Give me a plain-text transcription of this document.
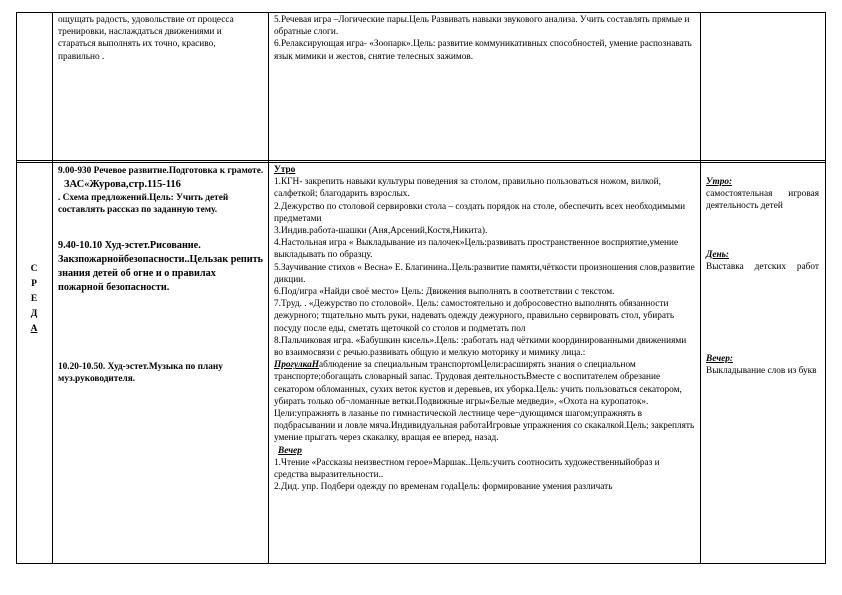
ощущать радость, удовольствие от процесса тренировки, наслаждаться движениями и стараться выполнять их точно, красиво, правильно .

5.Речевая игра –Логические пары.Цель Развивать навыки звукового анализа. Учить составлять прямые и обратные слоги.

6.Релаксирующая игра- «Зоопарк».Цель: развитие коммуникативных способностей, умение распознавать язык мимики и жестов, снятие телесных зажимов.

С
Р
Е
Д
А

9.00-930 Речевое развитие.Подготовка к грамоте.

ЗАС«Журова,стр.115-116

. Схема предложений.Цель: Учить детей составлять рассказ по заданную тему.

9.40-10.10 Худ-эстет.Рисование. Закзпожарнойбезопасности..Цельзак репить знания детей об огне и о правилах пожарной безопасности.

10.20-10.50. Худ-эстет.Музыка по плану муз.руководителя.

Утро

1.КГН- закрепить навыки культуры поведения за столом, правильно пользоваться ножом, вилкой, салфеткой; благодарить взрослых.

2.Дежурство по столовой сервировки стола – создать порядок на столе, обеспечить всех необходимыми предметами

3.Индив.работа-шашки (Аня,Арсений,Костя,Никита).

4.Настольная игра « Выкладывание из палочек»Цель:развивать пространственное восприятие,умение выкладывать по образцу.

5.Заучивание стихов « Весна» Е. Благинина..Цель:развитие памяти,чёткости произношения слов,развитие дикции.

6.Под/игра «Найди своё место» Цель: Движения выполнять в соответствии с текстом.

7.Труд. . «Дежурство по столовой». Цель: самостоятельно и добросовестно выполнять обязанности дежурного; тщательно мыть руки, надевать одежду дежурного, правильно сервировать стол, убирать посуду после еды, сметать щеточкой со столов и подметать пол

8.Пальчиковая игра. «Бабушкин кисель».Цель: :работать над чёткими координированными движениями во взаимосвязи с речью.развивать общую и мелкую моторику и мимику лица.:

ПрогулкаНаблюдение за специальным транспортомЦели:расширять знания о специальном транспорте;обогащать словарный запас. Трудовая деятельностьВместе с воспитателем обрезание секатором обломанных, сухих веток кустов и деревьев, их уборка.Цель: учить пользоваться секатором, убирать только об¬ломанные ветки.Подвижные игры«Белые медведи», «Охота на куропаток». Цели:упражнять в лазанье по гимнастической лестнице чере¬дующимся шагом;упражнять в подбрасывании и ловле мяча.Индивидуальная работаИгровые упражнения со скакалкой.Цель; закреплять умение прыгать через скакалку, вращая ее вперед, назад.

Вечер

1.Чтение «Рассказы неизвестном герое»Маршак..Цель:учить соотносить художественныйобраз и средства выразительности..

2.Дид. упр. Подбери одежду по временам годаЦель: формирование умения различать

Утро:

самостоятельная игровая деятельность детей

День:

Выставка детских работ

Вечер:

Выкладывание слов из букв
